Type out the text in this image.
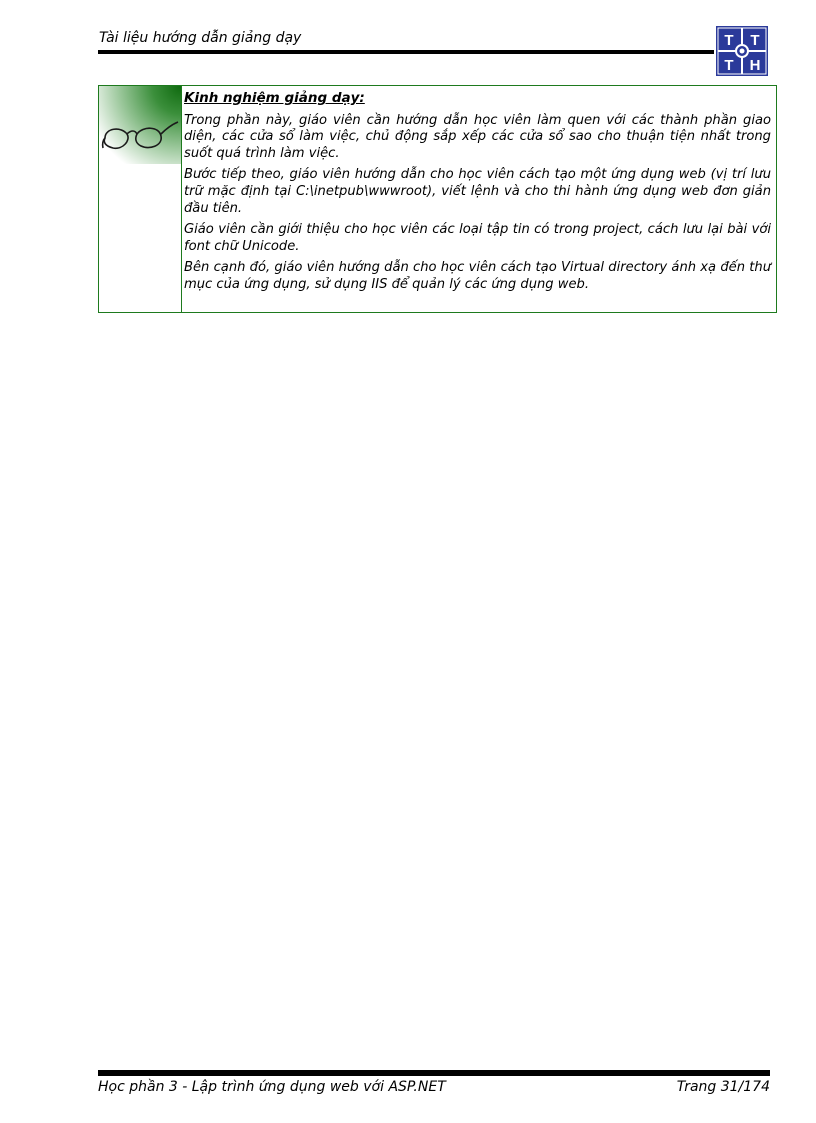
Tài liệu hướng dẫn giảng dạy	T T
T H
Kinh nghiệm giảng dạy:

Trong phần này, giáo viên cần hướng dẫn học viên làm quen với các thành phần giao diện, các cửa sổ làm việc, chủ động sắp xếp các cửa sổ sao cho thuận tiện nhất trong suốt quá trình làm việc.

Bước tiếp theo, giáo viên hướng dẫn cho học viên cách tạo một ứng dụng web (vị trí lưu trữ mặc định tại C:\inetpub\wwwroot), viết lệnh và cho thi hành ứng dụng web đơn giản đầu tiên.

Giáo viên cần giới thiệu cho học viên các loại tập tin có trong project, cách lưu lại bài với font chữ Unicode.

Bên cạnh đó, giáo viên hướng dẫn cho học viên cách tạo Virtual directory ánh xạ đến thư mục của ứng dụng, sử dụng IIS để quản lý các ứng dụng web.

Học phần 3 - Lập trình ứng dụng web với ASP.NET	Trang 31/174
